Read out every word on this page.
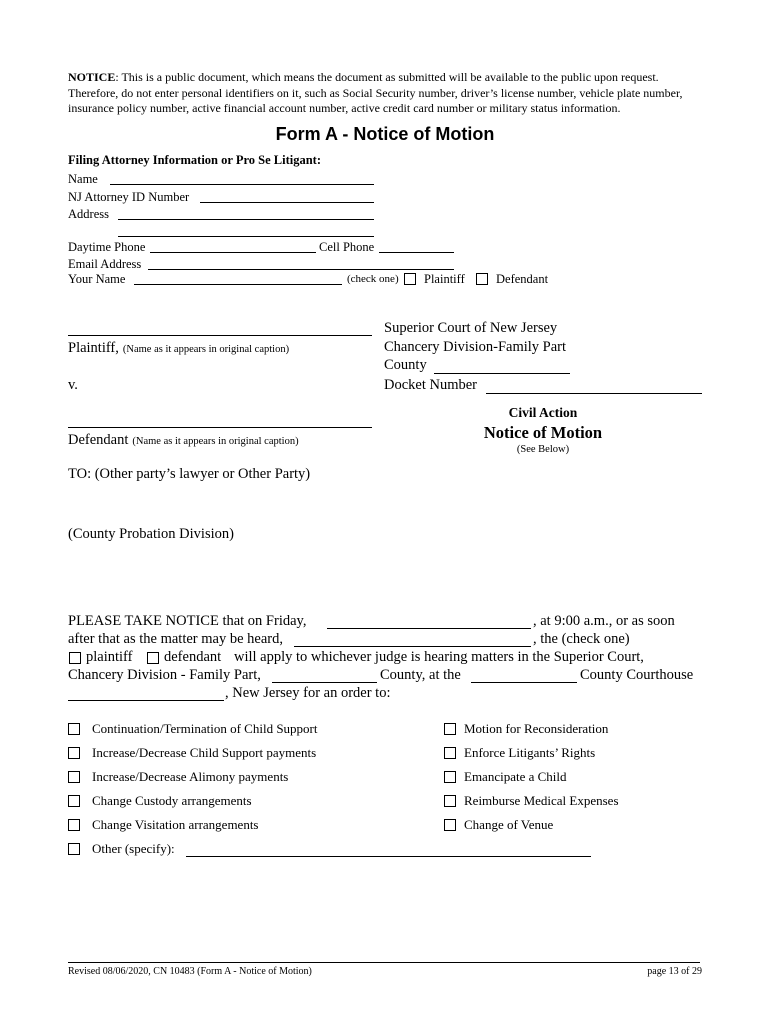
NOTICE: This is a public document, which means the document as submitted will be available to the public upon request. Therefore, do not enter personal identifiers on it, such as Social Security number, driver’s license number, vehicle plate number, insurance policy number, active financial account number, active credit card number or military status information.
Form A - Notice of Motion
Filing Attorney Information or Pro Se Litigant:
Name
NJ Attorney ID Number
Address
Daytime Phone	Cell Phone
Email Address
Your Name	(check one) Plaintiff	Defendant
Plaintiff, (Name as it appears in original caption)
v.
Defendant (Name as it appears in original caption)
Superior Court of New Jersey
Chancery Division-Family Part
County
Docket Number
Civil Action
Notice of Motion
(See Below)
TO: (Other party’s lawyer or Other Party)
(County Probation Division)
PLEASE TAKE NOTICE that on Friday,	, at 9:00 a.m., or as soon
after that as the matter may be heard,	, the (check one)
plaintiff defendant will apply to whichever judge is hearing matters in the Superior Court,
Chancery Division - Family Part,	County, at the	County Courthouse
, New Jersey for an order to:
Continuation/Termination of Child Support
Increase/Decrease Child Support payments
Increase/Decrease Alimony payments
Change Custody arrangements
Change Visitation arrangements
Other (specify):
Motion for Reconsideration
Enforce Litigants’ Rights
Emancipate a Child
Reimburse Medical Expenses
Change of Venue
Revised 08/06/2020, CN 10483 (Form A - Notice of Motion)	page 13 of 29
